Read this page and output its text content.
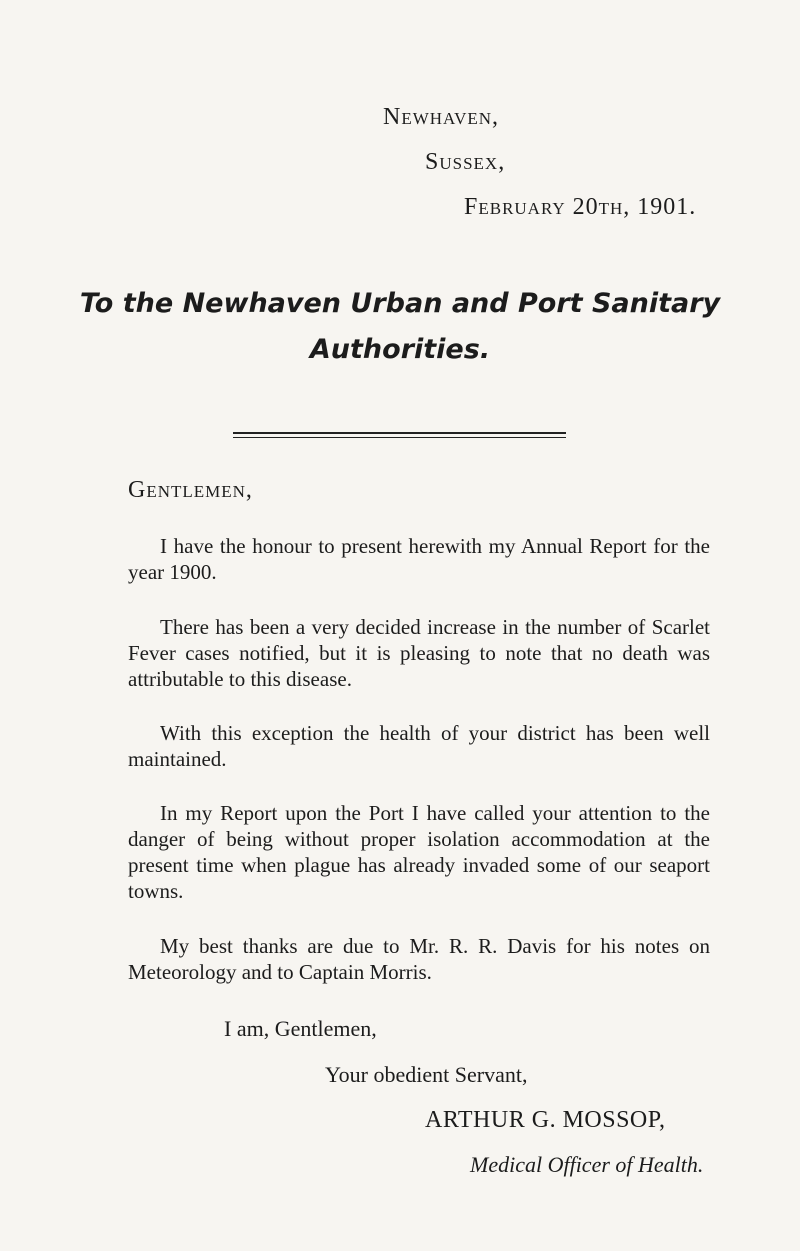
Newhaven,
Sussex,
February 20th, 1901.
To the Newhaven Urban and Port Sanitary
Authorities.
Gentlemen,
I have the honour to present herewith my Annual Report for the year 1900.
There has been a very decided increase in the number of Scarlet Fever cases notified, but it is pleasing to note that no death was attributable to this disease.
With this exception the health of your district has been well maintained.
In my Report upon the Port I have called your attention to the danger of being without proper isolation accommodation at the present time when plague has already invaded some of our seaport towns.
My best thanks are due to Mr. R. R. Davis for his notes on Meteorology and to Captain Morris.
I am, Gentlemen,
Your obedient Servant,
ARTHUR G. MOSSOP,
Medical Officer of Health.
